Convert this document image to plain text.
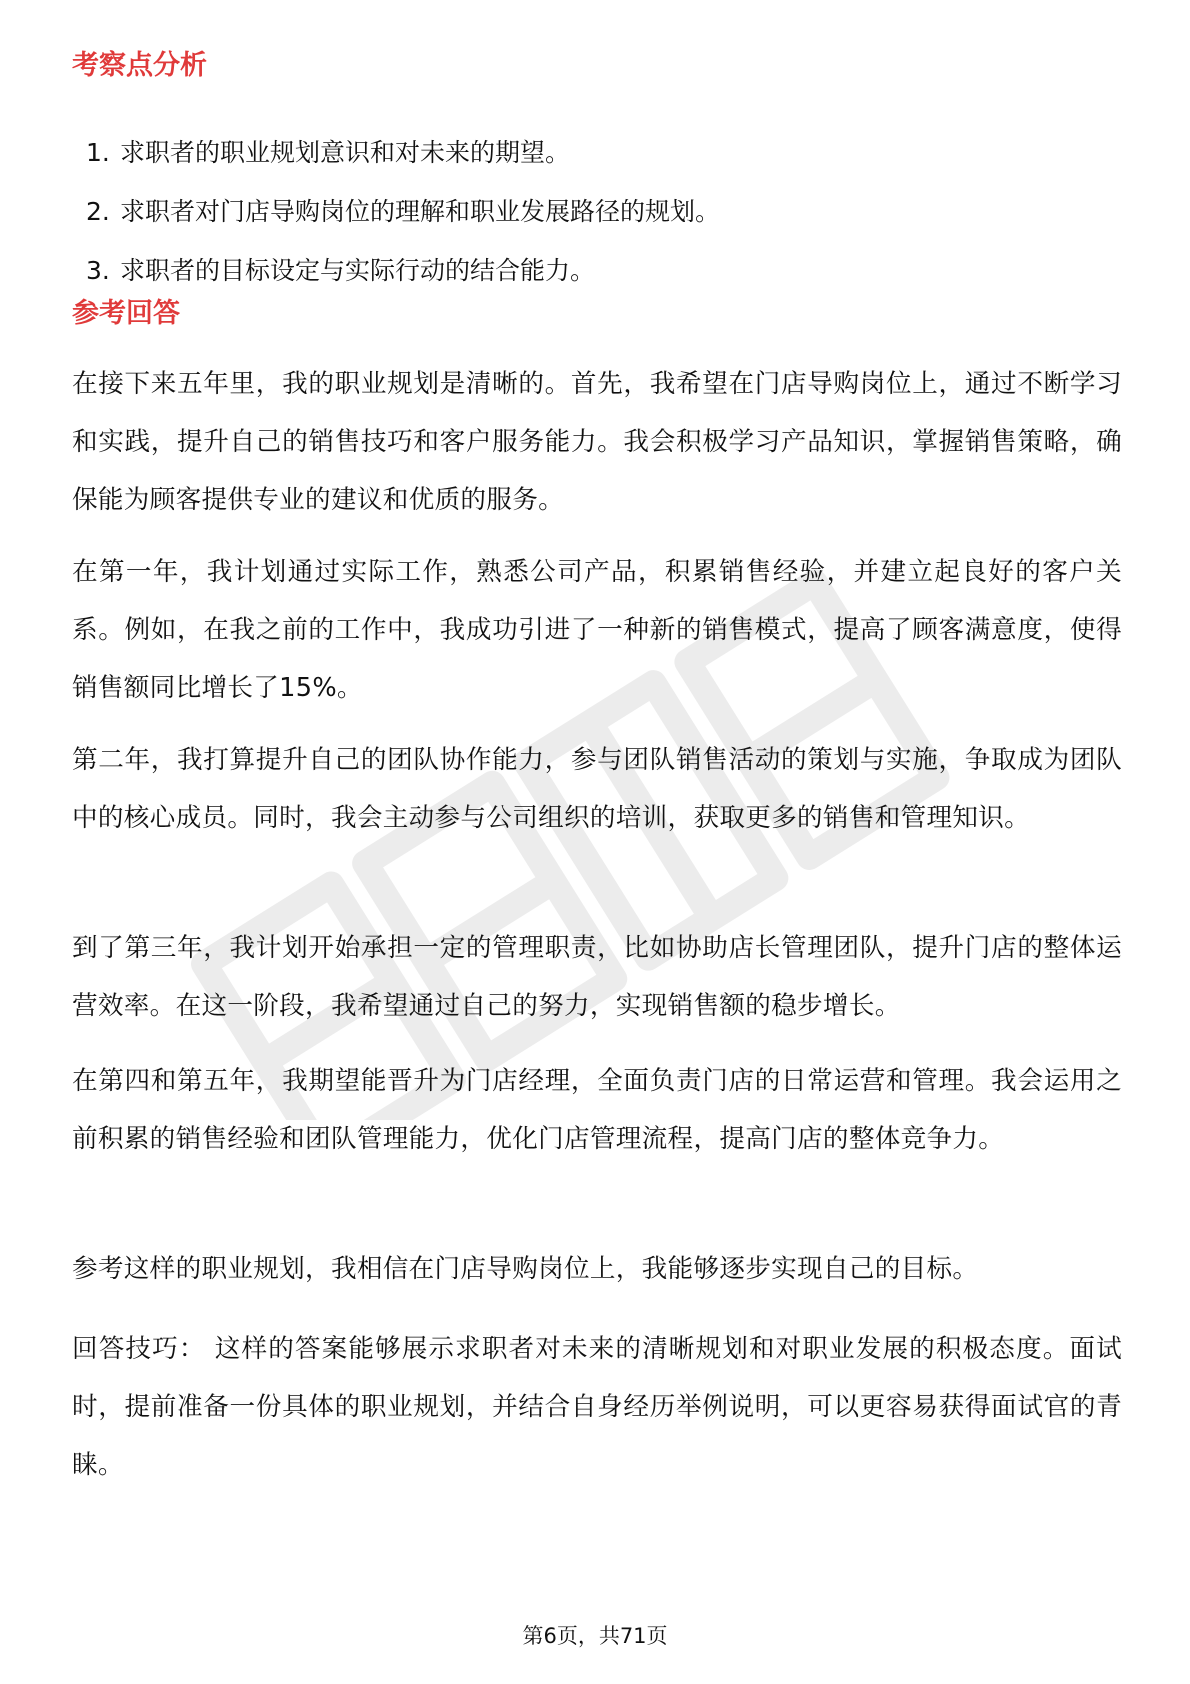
考察点分析
1. 求职者的职业规划意识和对未来的期望。
2. 求职者对门店导购岗位的理解和职业发展路径的规划。
3. 求职者的目标设定与实际行动的结合能力。
参考回答

在接下来五年里，我的职业规划是清晰的。首先，我希望在门店导购岗位上，通过不断学习和实践，提升自己的销售技巧和客户服务能力。我会积极学习产品知识，掌握销售策略，确保能为顾客提供专业的建议和优质的服务。

在第一年，我计划通过实际工作，熟悉公司产品，积累销售经验，并建立起良好的客户关系。例如，在我之前的工作中，我成功引进了一种新的销售模式，提高了顾客满意度，使得销售额同比增长了15%。

第二年，我打算提升自己的团队协作能力，参与团队销售活动的策划与实施，争取成为团队中的核心成员。同时，我会主动参与公司组织的培训，获取更多的销售和管理知识。

到了第三年，我计划开始承担一定的管理职责，比如协助店长管理团队，提升门店的整体运营效率。在这一阶段，我希望通过自己的努力，实现销售额的稳步增长。

在第四和第五年，我期望能晋升为门店经理，全面负责门店的日常运营和管理。我会运用之前积累的销售经验和团队管理能力，优化门店管理流程，提高门店的整体竞争力。

参考这样的职业规划，我相信在门店导购岗位上，我能够逐步实现自己的目标。

回答技巧： 这样的答案能够展示求职者对未来的清晰规划和对职业发展的积极态度。面试时，提前准备一份具体的职业规划，并结合自身经历举例说明，可以更容易获得面试官的青睐。

第6页，共71页
